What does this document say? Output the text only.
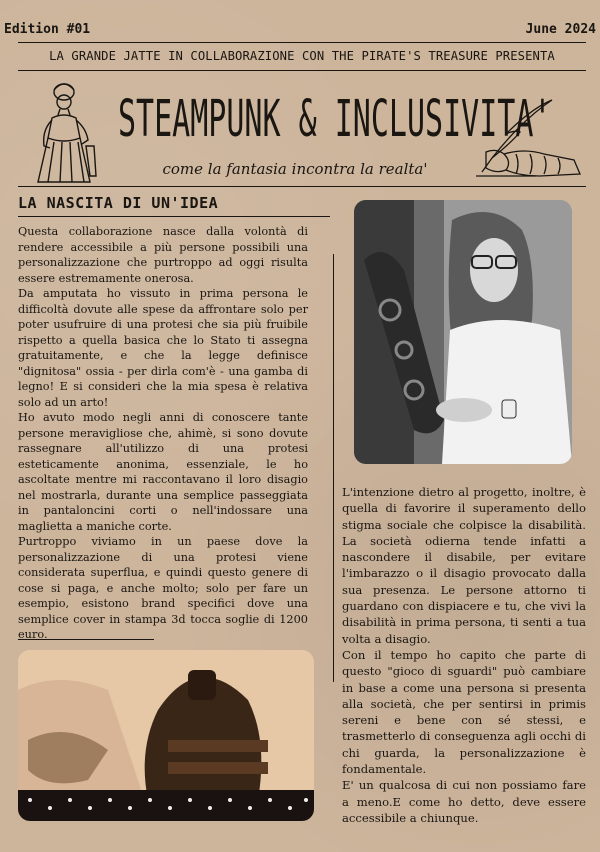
Edition #01	June 2024
LA GRANDE JATTE IN COLLABORAZIONE CON THE PIRATE'S TREASURE PRESENTA
STEAMPUNK & INCLUSIVITA'
come la fantasia incontra la realta'
LA NASCITA DI UN'IDEA

Questa collaborazione nasce dalla volontà di rendere accessibile a più persone possibili una personalizzazione che purtroppo ad oggi risulta essere estremamente onerosa.

Da amputata ho vissuto in prima persona le difficoltà dovute alle spese da affrontare solo per poter usufruire di una protesi che sia più fruibile rispetto a quella basica che lo Stato ti assegna gratuitamente, e che la legge definisce "dignitosa" ossia - per dirla com'è - una gamba di legno! E si consideri che la mia spesa è relativa solo ad un arto!

Ho avuto modo negli anni di conoscere tante persone meravigliose che, ahimè, si sono dovute rassegnare all'utilizzo di una protesi esteticamente anonima, essenziale, le ho ascoltate mentre mi raccontavano il loro disagio nel mostrarla, durante una semplice passeggiata in pantaloncini corti o nell'indossare una maglietta a maniche corte.

Purtroppo viviamo in un paese dove la personalizzazione di una protesi viene considerata superflua, e quindi questo genere di cose si paga, e anche molto; solo per fare un esempio, esistono brand specifici dove una semplice cover in stampa 3d tocca soglie di 1200 euro.

L'intenzione dietro al progetto, inoltre, è quella di favorire il superamento dello stigma sociale che colpisce la disabilità. La società odierna tende infatti a nascondere il disabile, per evitare l'imbarazzo o il disagio provocato dalla sua presenza. Le persone attorno ti guardano con dispiacere e tu, che vivi la disabilità in prima persona, ti senti a tua volta a disagio.

Con il tempo ho capito che parte di questo "gioco di sguardi" può cambiare in base a come una persona si presenta alla società, che per sentirsi in primis sereni e bene con sé stessi, e trasmetterlo di conseguenza agli occhi di chi guarda, la personalizzazione è fondamentale.

E' un qualcosa di cui non possiamo fare a meno.E come ho detto, deve essere accessibile a chiunque.
